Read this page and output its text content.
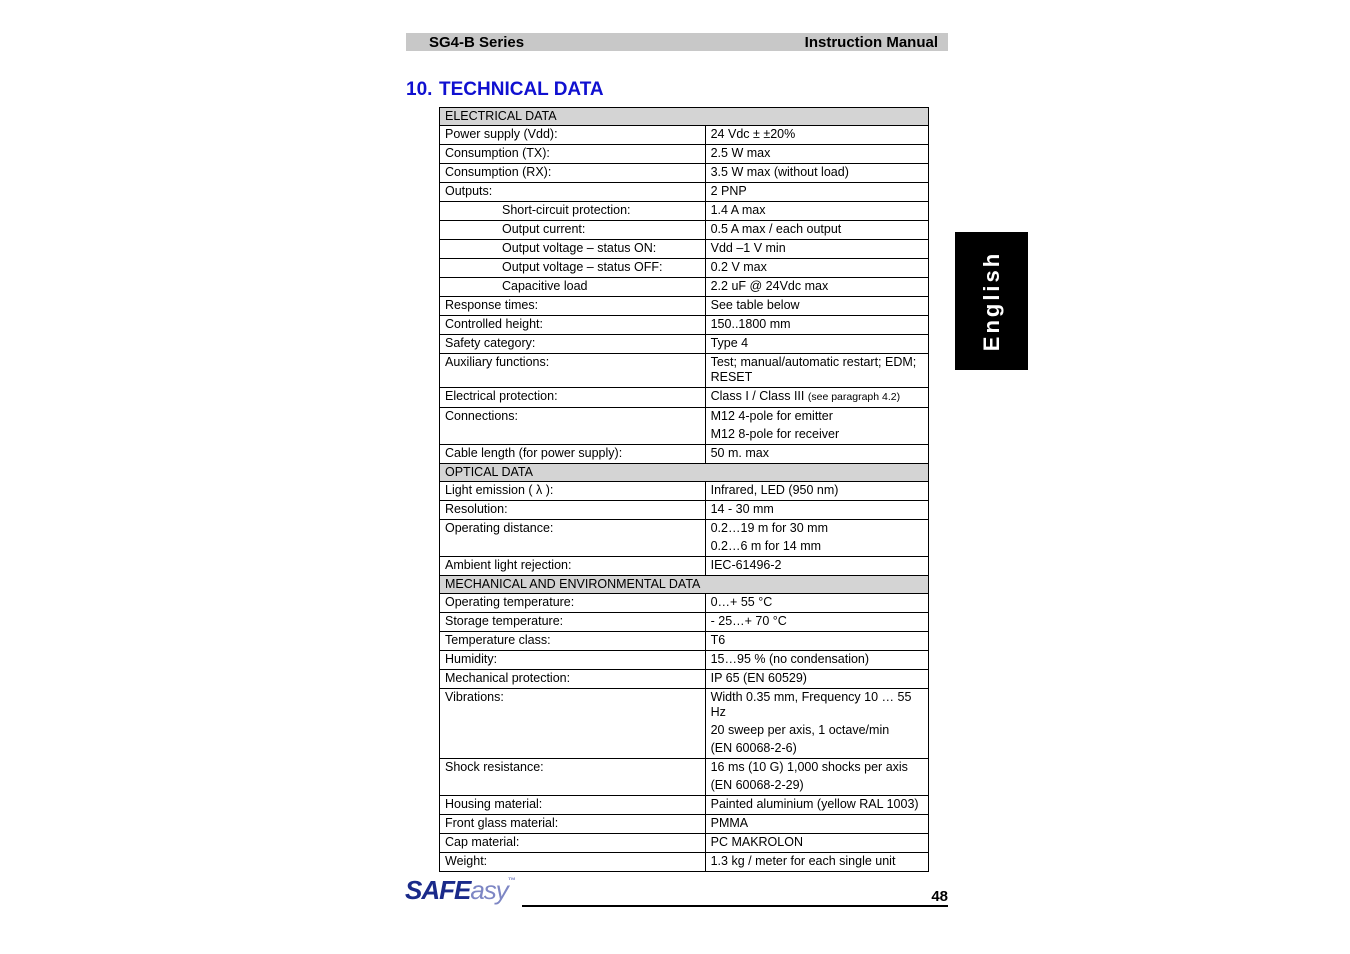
SG4-B Series	Instruction Manual
10. TECHNICAL DATA
ELECTRICAL DATA	
Power supply (Vdd):	24 Vdc ± ±20%
Consumption (TX):	2.5 W max
Consumption (RX):	3.5 W max (without load)
Outputs:	2 PNP
Short-circuit protection:	1.4 A max
Output current:	0.5 A max / each output
Output voltage – status ON:	Vdd –1 V min
Output voltage – status OFF:	0.2 V max
Capacitive load	2.2 uF @ 24Vdc max
Response times:	See table below
Controlled height:	150..1800 mm
Safety category:	Type 4
Auxiliary functions:	Test; manual/automatic restart; EDM;
RESET
Electrical protection:	Class I / Class III (see paragraph 4.2)
Connections:	M12 4-pole for emitter
M12 8-pole for receiver

Cable length (for power supply):	50 m. max
OPTICAL DATA	
Light emission ( λ ):	Infrared, LED (950 nm)
Resolution:	14 - 30 mm
Operating distance:	0.2…19 m for 30 mm
0.2…6 m for 14 mm

Ambient light rejection:	IEC-61496-2
MECHANICAL AND ENVIRONMENTAL DATA	
Operating temperature:	0…+ 55 °C
Storage temperature:	- 25…+ 70 °C
Temperature class:	T6
Humidity:	15…95 % (no condensation)
Mechanical protection:	IP 65 (EN 60529)
Vibrations:	Width 0.35 mm, Frequency 10 … 55 Hz
20 sweep per axis, 1 octave/min
(EN 60068-2-6)

Shock resistance:	16 ms (10 G) 1,000 shocks per axis
(EN 60068-2-29)

Housing material:	Painted aluminium (yellow RAL 1003)
Front glass material:	PMMA
Cap material:	PC MAKROLON
Weight:	1.3 kg / meter for each single unit
English
SAFEasy™
48
